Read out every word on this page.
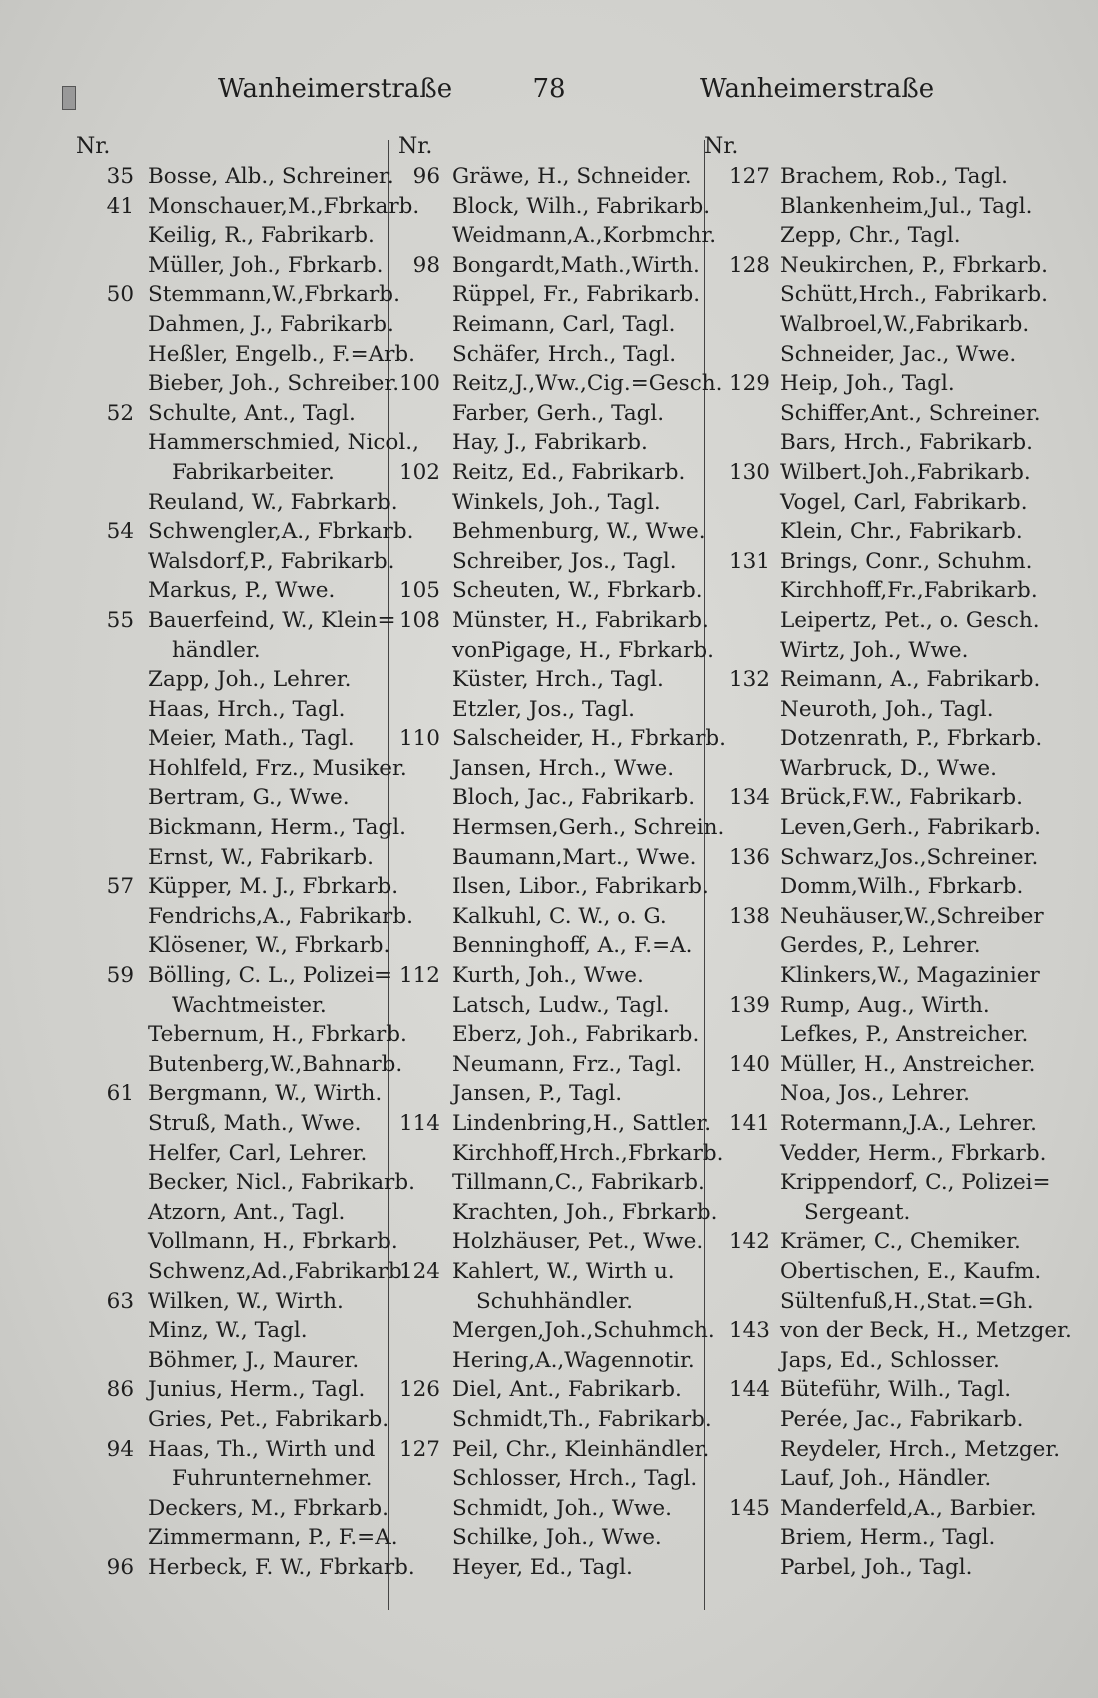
Wanheimerstraße	78	Wanheimerstraße
Nr.
35 Bosse, Alb., Schreiner.
41 Monschauer,M.,Fbrkarb.
Keilig, R., Fabrikarb.
Müller, Joh., Fbrkarb.
50 Stemmann,W.,Fbrkarb.
Dahmen, J., Fabrikarb.
Heßler, Engelb., F.=Arb.
Bieber, Joh., Schreiber.
52 Schulte, Ant., Tagl.
Hammerschmied, Nicol.,
Fabrikarbeiter.
Reuland, W., Fabrkarb.
54 Schwengler,A., Fbrkarb.
Walsdorf,P., Fabrikarb.
Markus, P., Wwe.
55 Bauerfeind, W., Klein=
händler.
Zapp, Joh., Lehrer.
Haas, Hrch., Tagl.
Meier, Math., Tagl.
Hohlfeld, Frz., Musiker.
Bertram, G., Wwe.
Bickmann, Herm., Tagl.
Ernst, W., Fabrikarb.
57 Küpper, M. J., Fbrkarb.
Fendrichs,A., Fabrikarb.
Klösener, W., Fbrkarb.
59 Bölling, C. L., Polizei=
Wachtmeister.
Tebernum, H., Fbrkarb.
Butenberg,W.,Bahnarb.
61 Bergmann, W., Wirth.
Struß, Math., Wwe.
Helfer, Carl, Lehrer.
Becker, Nicl., Fabrikarb.
Atzorn, Ant., Tagl.
Vollmann, H., Fbrkarb.
Schwenz,Ad.,Fabrikarb.
63 Wilken, W., Wirth.
Minz, W., Tagl.
Böhmer, J., Maurer.
86 Junius, Herm., Tagl.
Gries, Pet., Fabrikarb.
94 Haas, Th., Wirth und
Fuhrunternehmer.
Deckers, M., Fbrkarb.
Zimmermann, P., F.=A.
96 Herbeck, F. W., Fbrkarb.
Nr.
96 Gräwe, H., Schneider.
Block, Wilh., Fabrikarb.
Weidmann,A.,Korbmchr.
98 Bongardt,Math.,Wirth.
Rüppel, Fr., Fabrikarb.
Reimann, Carl, Tagl.
Schäfer, Hrch., Tagl.
100 Reitz,J.,Ww.,Cig.=Gesch.
Farber, Gerh., Tagl.
Hay, J., Fabrikarb.
102 Reitz, Ed., Fabrikarb.
Winkels, Joh., Tagl.
Behmenburg, W., Wwe.
Schreiber, Jos., Tagl.
105 Scheuten, W., Fbrkarb.
108 Münster, H., Fabrikarb.
vonPigage, H., Fbrkarb.
Küster, Hrch., Tagl.
Etzler, Jos., Tagl.
110 Salscheider, H., Fbrkarb.
Jansen, Hrch., Wwe.
Bloch, Jac., Fabrikarb.
Hermsen,Gerh., Schrein.
Baumann,Mart., Wwe.
Ilsen, Libor., Fabrikarb.
Kalkuhl, C. W., o. G.
Benninghoff, A., F.=A.
112 Kurth, Joh., Wwe.
Latsch, Ludw., Tagl.
Eberz, Joh., Fabrikarb.
Neumann, Frz., Tagl.
Jansen, P., Tagl.
114 Lindenbring,H., Sattler.
Kirchhoff,Hrch.,Fbrkarb.
Tillmann,C., Fabrikarb.
Krachten, Joh., Fbrkarb.
Holzhäuser, Pet., Wwe.
124 Kahlert, W., Wirth u.
Schuhhändler.
Mergen,Joh.,Schuhmch.
Hering,A.,Wagennotir.
126 Diel, Ant., Fabrikarb.
Schmidt,Th., Fabrikarb.
127 Peil, Chr., Kleinhändler.
Schlosser, Hrch., Tagl.
Schmidt, Joh., Wwe.
Schilke, Joh., Wwe.
Heyer, Ed., Tagl.
Nr.
127 Brachem, Rob., Tagl.
Blankenheim,Jul., Tagl.
Zepp, Chr., Tagl.
128 Neukirchen, P., Fbrkarb.
Schütt,Hrch., Fabrikarb.
Walbroel,W.,Fabrikarb.
Schneider, Jac., Wwe.
129 Heip, Joh., Tagl.
Schiffer,Ant., Schreiner.
Bars, Hrch., Fabrikarb.
130 Wilbert.Joh.,Fabrikarb.
Vogel, Carl, Fabrikarb.
Klein, Chr., Fabrikarb.
131 Brings, Conr., Schuhm.
Kirchhoff,Fr.,Fabrikarb.
Leipertz, Pet., o. Gesch.
Wirtz, Joh., Wwe.
132 Reimann, A., Fabrikarb.
Neuroth, Joh., Tagl.
Dotzenrath, P., Fbrkarb.
Warbruck, D., Wwe.
134 Brück,F.W., Fabrikarb.
Leven,Gerh., Fabrikarb.
136 Schwarz,Jos.,Schreiner.
Domm,Wilh., Fbrkarb.
138 Neuhäuser,W.,Schreiber
Gerdes, P., Lehrer.
Klinkers,W., Magazinier
139 Rump, Aug., Wirth.
Lefkes, P., Anstreicher.
140 Müller, H., Anstreicher.
Noa, Jos., Lehrer.
141 Rotermann,J.A., Lehrer.
Vedder, Herm., Fbrkarb.
Krippendorf, C., Polizei=
Sergeant.
142 Krämer, C., Chemiker.
Obertischen, E., Kaufm.
Sültenfuß,H.,Stat.=Gh.
143 von der Beck, H., Metzger.
Japs, Ed., Schlosser.
144 Büteführ, Wilh., Tagl.
Perée, Jac., Fabrikarb.
Reydeler, Hrch., Metzger.
Lauf, Joh., Händler.
145 Manderfeld,A., Barbier.
Briem, Herm., Tagl.
Parbel, Joh., Tagl.
